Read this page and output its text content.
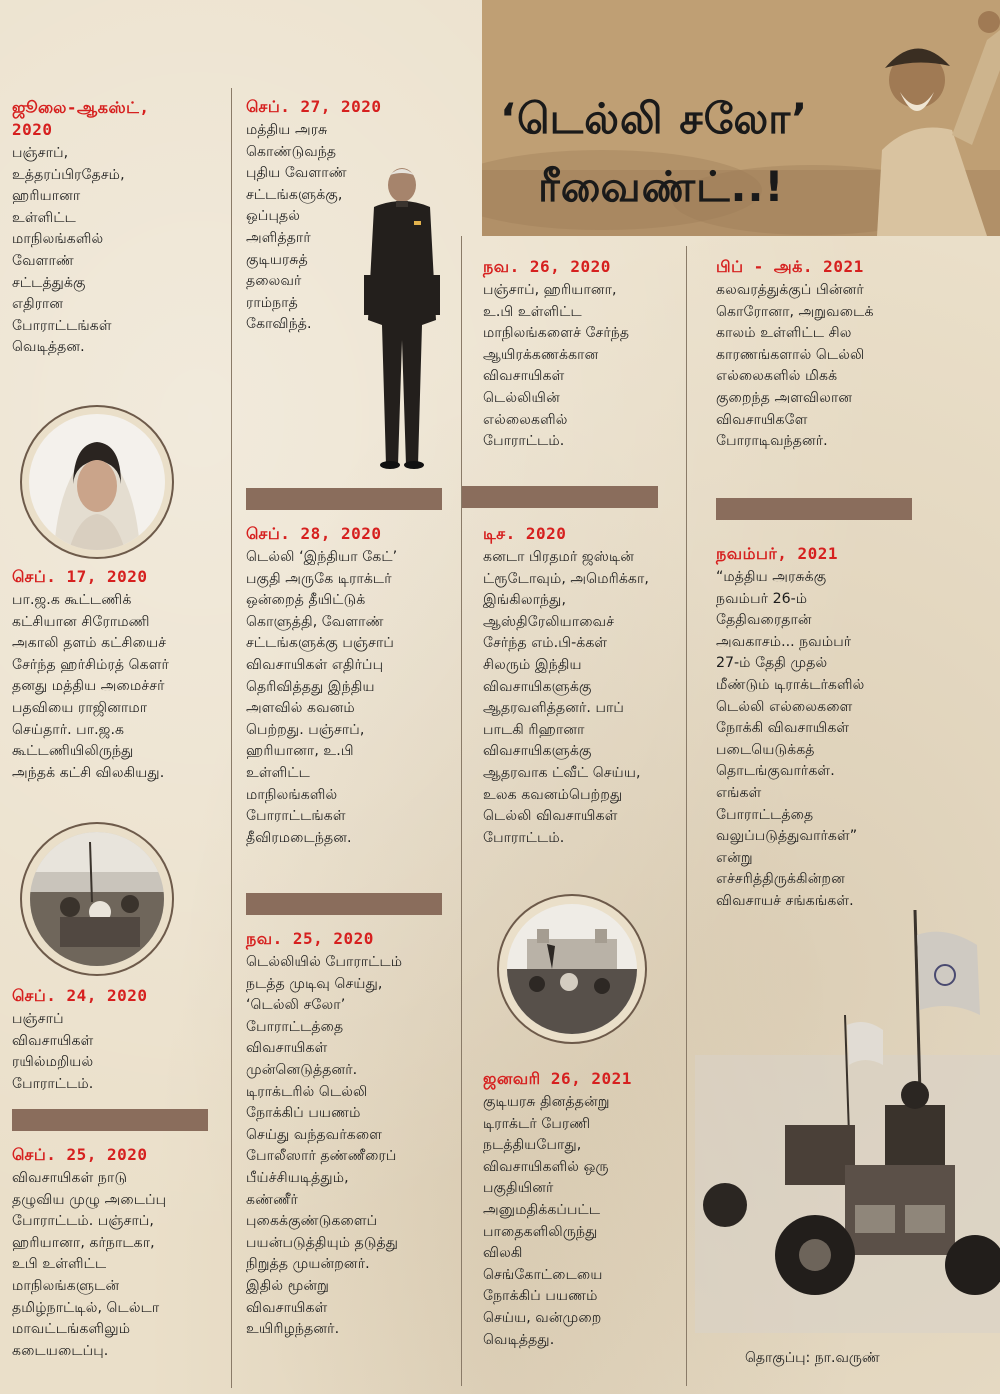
‘டெல்லி சலோ’
ரீவைண்ட்..!

ஜூலை-ஆகஸ்ட்,

2020

பஞ்சாப்,
உத்தரப்பிரதேசம்,
ஹரியானா
உள்ளிட்ட
மாநிலங்களில்
வேளாண்
சட்டத்துக்கு
எதிரான
போராட்டங்கள்
வெடித்தன.

செப். 17, 2020

பா.ஜ.க கூட்டணிக்
கட்சியான சிரோமணி
அகாலி தளம் கட்சியைச்
சேர்ந்த ஹர்சிம்ரத் கௌர்
தனது மத்திய அமைச்சர்
பதவியை ராஜினாமா
செய்தார். பா.ஜ.க
கூட்டணியிலிருந்து
அந்தக் கட்சி விலகியது.

செப். 24, 2020

பஞ்சாப்
விவசாயிகள்
ரயில்மறியல்
போராட்டம்.

செப். 25, 2020

விவசாயிகள் நாடு
தழுவிய முழு அடைப்பு
போராட்டம். பஞ்சாப்,
ஹரியானா, கர்நாடகா,
உபி உள்ளிட்ட
மாநிலங்களுடன்
தமிழ்நாட்டில், டெல்டா
மாவட்டங்களிலும்
கடையடைப்பு.

செப். 27, 2020

மத்திய அரசு
கொண்டுவந்த
புதிய வேளாண்
சட்டங்களுக்கு,
ஒப்புதல்
அளித்தார்
குடியரசுத்
தலைவர்
ராம்நாத்
கோவிந்த்.

செப். 28, 2020

டெல்லி ‘இந்தியா கேட்’
பகுதி அருகே டிராக்டர்
ஒன்றைத் தீயிட்டுக்
கொளுத்தி, வேளாண்
சட்டங்களுக்கு பஞ்சாப்
விவசாயிகள் எதிர்ப்பு
தெரிவித்தது இந்திய
அளவில் கவனம்
பெற்றது. பஞ்சாப்,
ஹரியானா, உ.பி
உள்ளிட்ட
மாநிலங்களில்
போராட்டங்கள்
தீவிரமடைந்தன.

நவ. 25, 2020

டெல்லியில் போராட்டம்
நடத்த முடிவு செய்து,
‘டெல்லி சலோ’
போராட்டத்தை
விவசாயிகள்
முன்னெடுத்தனர்.
டிராக்டரில் டெல்லி
நோக்கிப் பயணம்
செய்து வந்தவர்களை
போலீஸார் தண்ணீரைப்
பீய்ச்சியடித்தும்,
கண்ணீர்
புகைக்குண்டுகளைப்
பயன்படுத்தியும் தடுத்து
நிறுத்த முயன்றனர்.
இதில் மூன்று
விவசாயிகள்
உயிரிழந்தனர்.

நவ. 26, 2020

பஞ்சாப், ஹரியானா,
உ.பி உள்ளிட்ட
மாநிலங்களைச் சேர்ந்த
ஆயிரக்கணக்கான
விவசாயிகள்
டெல்லியின்
எல்லைகளில்
போராட்டம்.

டிச. 2020

கனடா பிரதமர் ஜஸ்டின்
ட்ரூடோவும், அமெரிக்கா,
இங்கிலாந்து,
ஆஸ்திரேலியாவைச்
சேர்ந்த எம்.பி-க்கள்
சிலரும் இந்திய
விவசாயிகளுக்கு
ஆதரவளித்தனர். பாப்
பாடகி ரிஹானா
விவசாயிகளுக்கு
ஆதரவாக ட்வீட் செய்ய,
உலக கவனம்பெற்றது
டெல்லி விவசாயிகள்
போராட்டம்.

ஜனவரி 26, 2021

குடியரசு தினத்தன்று
டிராக்டர் பேரணி
நடத்தியபோது,
விவசாயிகளில் ஒரு
பகுதியினர்
அனுமதிக்கப்பட்ட
பாதைகளிலிருந்து
விலகி
செங்கோட்டையை
நோக்கிப் பயணம்
செய்ய, வன்முறை
வெடித்தது.

பிப் - அக். 2021

கலவரத்துக்குப் பின்னர்
கொரோனா, அறுவடைக்
காலம் உள்ளிட்ட சில
காரணங்களால் டெல்லி
எல்லைகளில் மிகக்
குறைந்த அளவிலான
விவசாயிகளே
போராடிவந்தனர்.

நவம்பர், 2021

“மத்திய அரசுக்கு
நவம்பர் 26-ம்
தேதிவரைதான்
அவகாசம்... நவம்பர்
27-ம் தேதி முதல்
மீண்டும் டிராக்டர்களில்
டெல்லி எல்லைகளை
நோக்கி விவசாயிகள்
படையெடுக்கத்
தொடங்குவார்கள்.
எங்கள்
போராட்டத்தை
வலுப்படுத்துவார்கள்”
என்று
எச்சரித்திருக்கின்றன
விவசாயச் சங்கங்கள்.

தொகுப்பு: நா.வருண்
